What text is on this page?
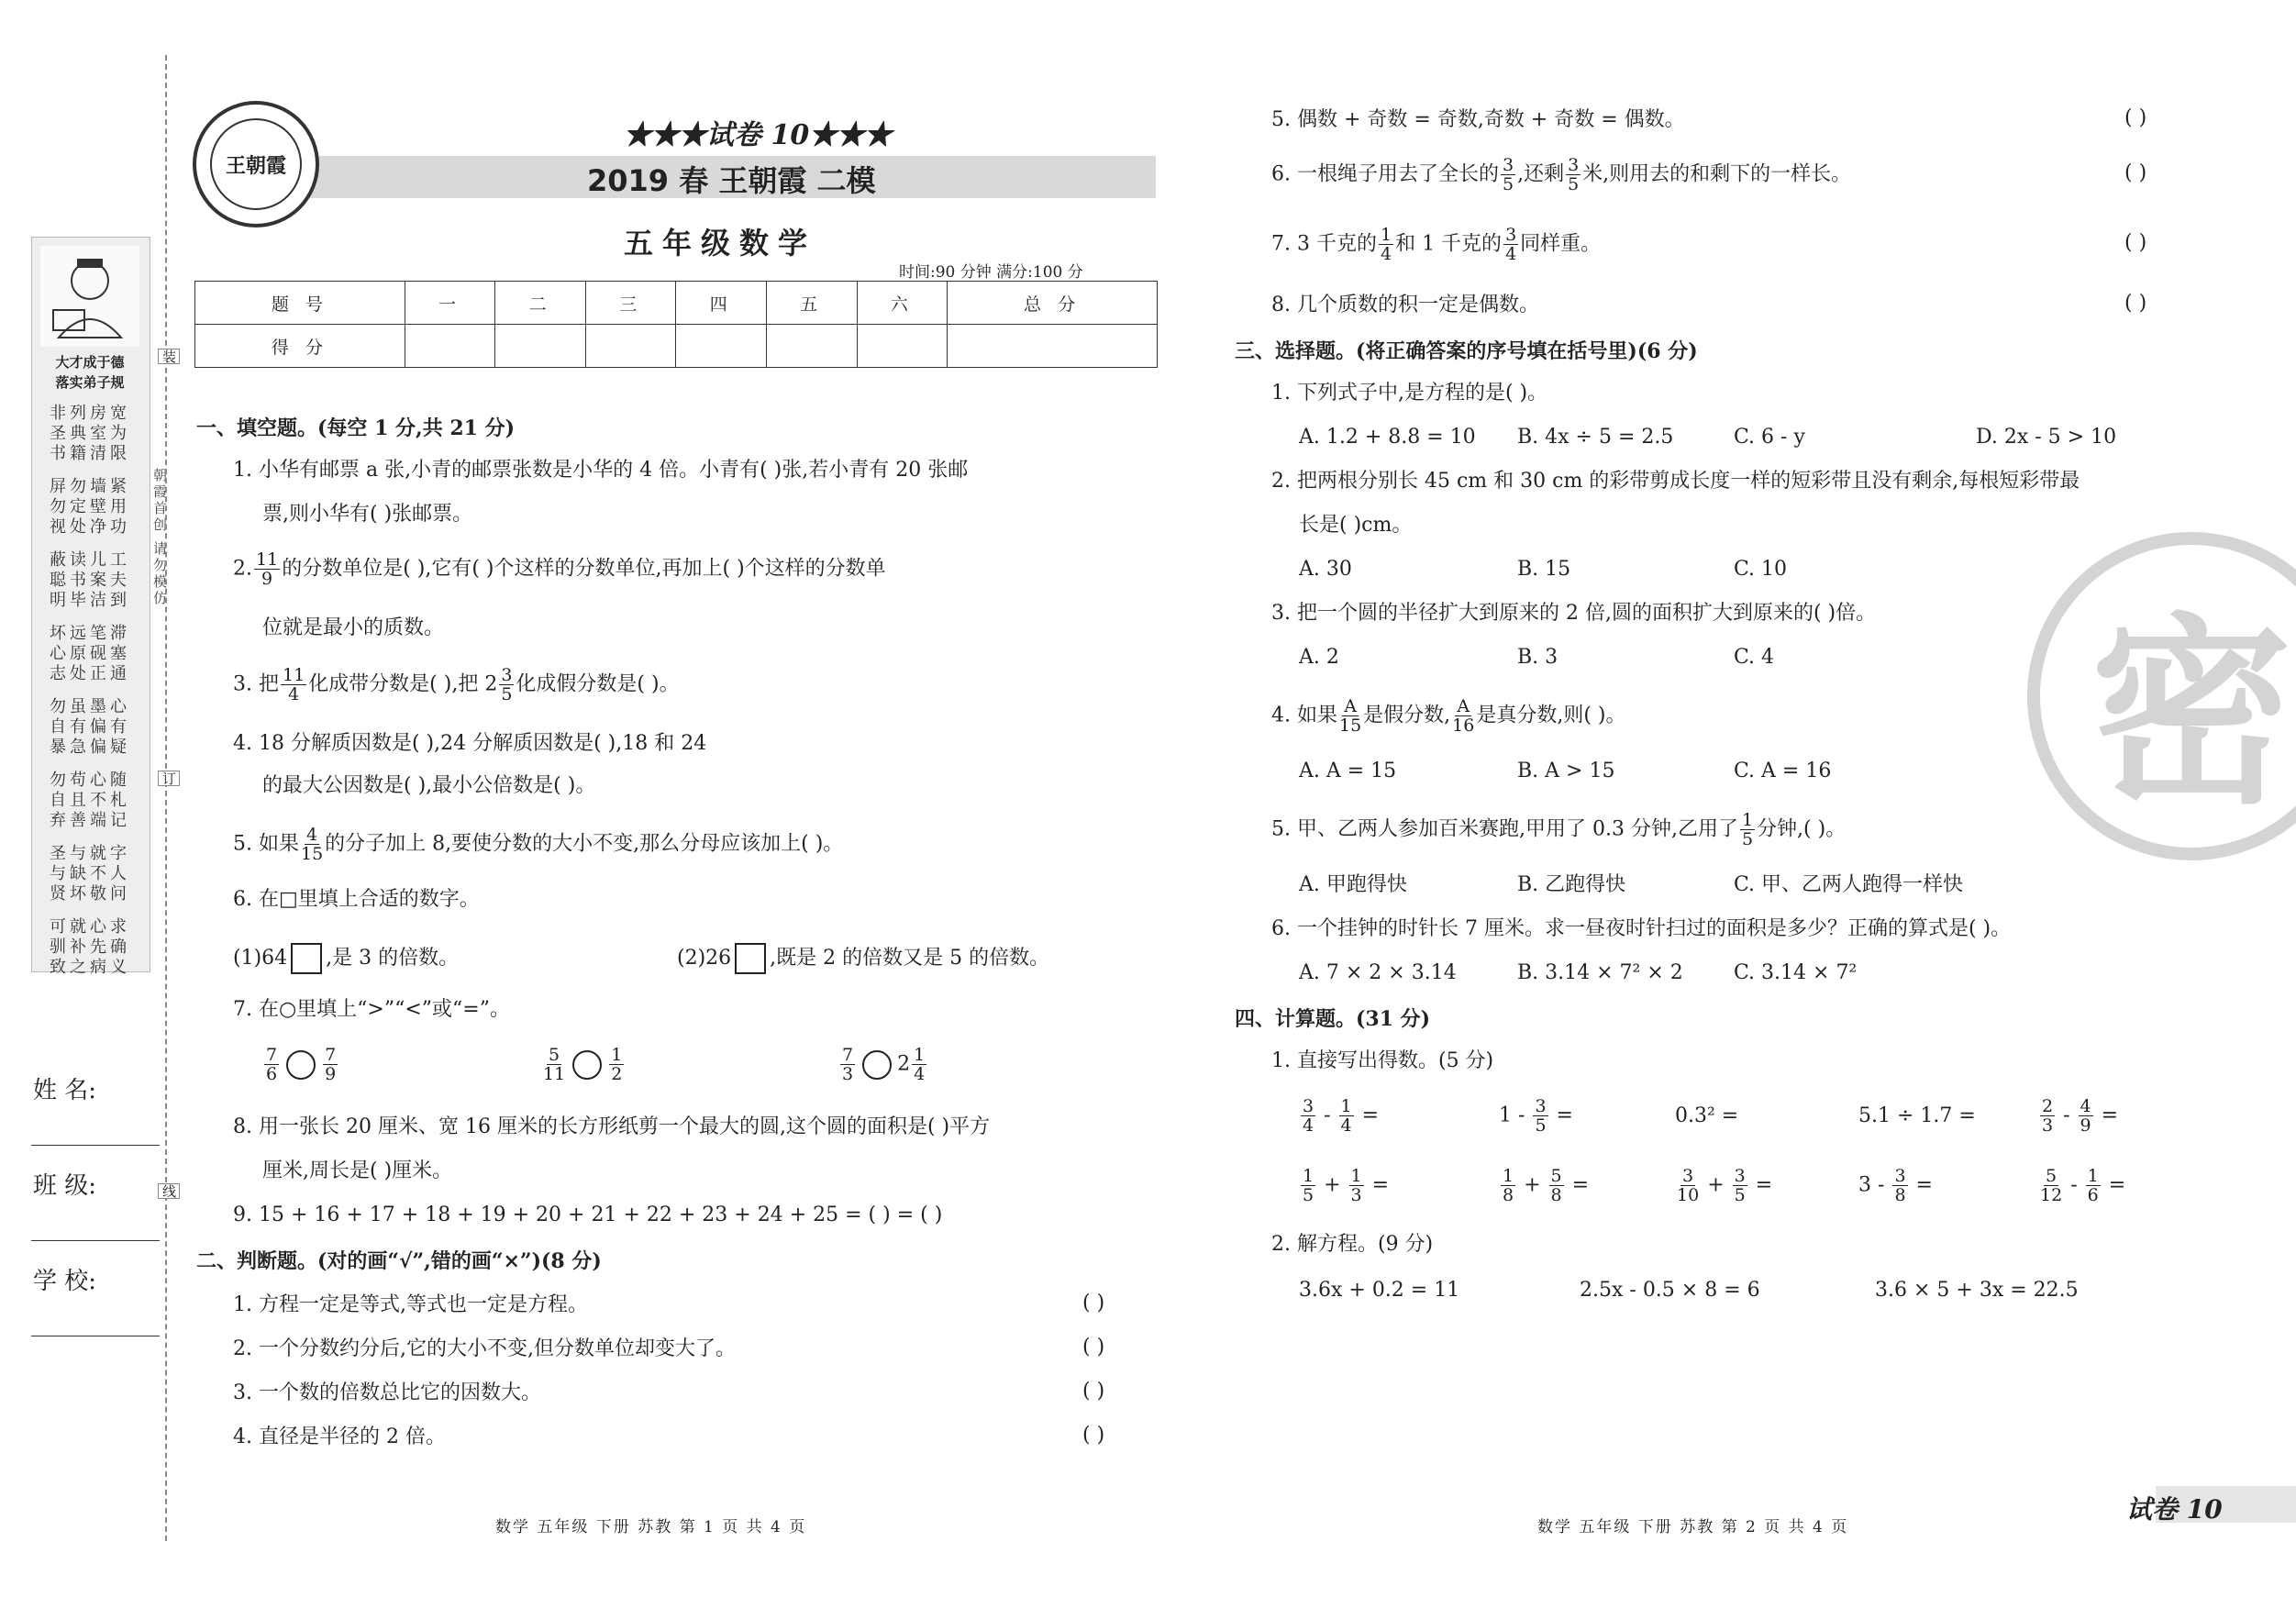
大才成于德
落实弟子规
非列房宽
圣典室为
书籍清限
屏勿墙紧
勿定壁用
视处净功
蔽读儿工
聪书案夫
明毕洁到
坏远笔滞
心原砚塞
志处正通
勿虽墨心
自有偏有
暴急偏疑
勿苟心随
自且不札
弃善端记
圣与就字
与缺不人
贤坏敬问
可就心求
驯补先确
致之病义
朝霞首创 请勿模仿
装
订
线
姓 名:
班 级:
学 校:
王朝霞
★★★试卷 10★★★
2019 春 王朝霞 二模
五年级数学
时间:90 分钟 满分:100 分
题 号	一	二	三	四	五	六	总 分
得 分							
一、填空题。(每空 1 分,共 21 分)
1. 小华有邮票 a 张,小青的邮票张数是小华的 4 倍。小青有( )张,若小青有 20 张邮
票,则小华有( )张邮票。
2. $\frac{11}{9}$ 的分数单位是( ),它有( )个这样的分数单位,再加上( )个这样的分数单
位就是最小的质数。
3. 把 $\frac{11}{4}$ 化成带分数是( ),把 $2 \frac{3}{5}$ 化成假分数是( )。
4. 18 分解质因数是( ),24 分解质因数是( ),18 和 24
的最大公因数是( ),最小公倍数是( )。
5. 如果 $\frac{4}{15}$ 的分子加上 8,要使分数的大小不变,那么分母应该加上( )。
6. 在□里填上合适的数字。
(1)64 ,是 3 的倍数。	(2)26 ,既是 2 的倍数又是 5 的倍数。
7. 在○里填上“>”“<”或“=”。
$\frac{7}{6}$	$\frac{7}{9}$	$\frac{5}{11}$	$\frac{1}{2}$	$\frac{7}{3} 2 \frac{1}{4}$
8. 用一张长 20 厘米、宽 16 厘米的长方形纸剪一个最大的圆,这个圆的面积是( )平方
厘米,周长是( )厘米。
9. 15 + 16 + 17 + 18 + 19 + 20 + 21 + 22 + 23 + 24 + 25 = ( ) = ( )
二、判断题。(对的画“√”,错的画“×”)(8 分)
1. 方程一定是等式,等式也一定是方程。	( )
2. 一个分数约分后,它的大小不变,但分数单位却变大了。	( )
3. 一个数的倍数总比它的因数大。	( )
4. 直径是半径的 2 倍。	( )
数学 五年级 下册 苏教 第 1 页 共 4 页
5. 偶数 + 奇数 = 奇数,奇数 + 奇数 = 偶数。	( )
6. 一根绳子用去了全长的 $\frac{3}{5}$ ,还剩 $\frac{3}{5}$ 米,则用去的和剩下的一样长。	( )
7. 3 千克的 $\frac{1}{4}$ 和 1 千克的 $\frac{3}{4}$ 同样重。	( )
8. 几个质数的积一定是偶数。	( )
三、选择题。(将正确答案的序号填在括号里)(6 分)
1. 下列式子中,是方程的是( )。
A. 1.2 + 8.8 = 10 B. 4x ÷ 5 = 2.5	C. 6 - y	D. 2x - 5 > 10
2. 把两根分别长 45 cm 和 30 cm 的彩带剪成长度一样的短彩带且没有剩余,每根短彩带最
长是( )cm。
A. 30	B. 15	C. 10
3. 把一个圆的半径扩大到原来的 2 倍,圆的面积扩大到原来的( )倍。
A. 2	B. 3	C. 4
4. 如果 $\frac{A}{15}$ 是假分数, $\frac{A}{16}$ 是真分数,则( )。
A. A = 15	B. A > 15	C. A = 16
5. 甲、乙两人参加百米赛跑,甲用了 0.3 分钟,乙用了 $\frac{1}{5}$ 分钟,( )。
A. 甲跑得快	B. 乙跑得快	C. 甲、乙两人跑得一样快
6. 一个挂钟的时针长 7 厘米。求一昼夜时针扫过的面积是多少？正确的算式是( )。
A. 7 × 2 × 3.14	B. 3.14 × 7² × 2	C. 3.14 × 7²
四、计算题。(31 分)
1. 直接写出得数。(5 分)
$\frac{3}{4} - \frac{1}{4}$ =	$1 - \frac{3}{5}$ =	0.3² =	5.1 ÷ 1.7 =	$\frac{2}{3} - \frac{4}{9}$ =
$\frac{1}{5} + \frac{1}{3}$ =	$\frac{1}{8} + \frac{5}{8}$ =	$\frac{3}{10} + \frac{3}{5}$ =	$3 - \frac{3}{8}$ =	$\frac{5}{12} - \frac{1}{6}$ =
2. 解方程。(9 分)
3.6x + 0.2 = 11	2.5x - 0.5 × 8 = 6	3.6 × 5 + 3x = 22.5
密
数学 五年级 下册 苏教 第 2 页 共 4 页
试卷 10
